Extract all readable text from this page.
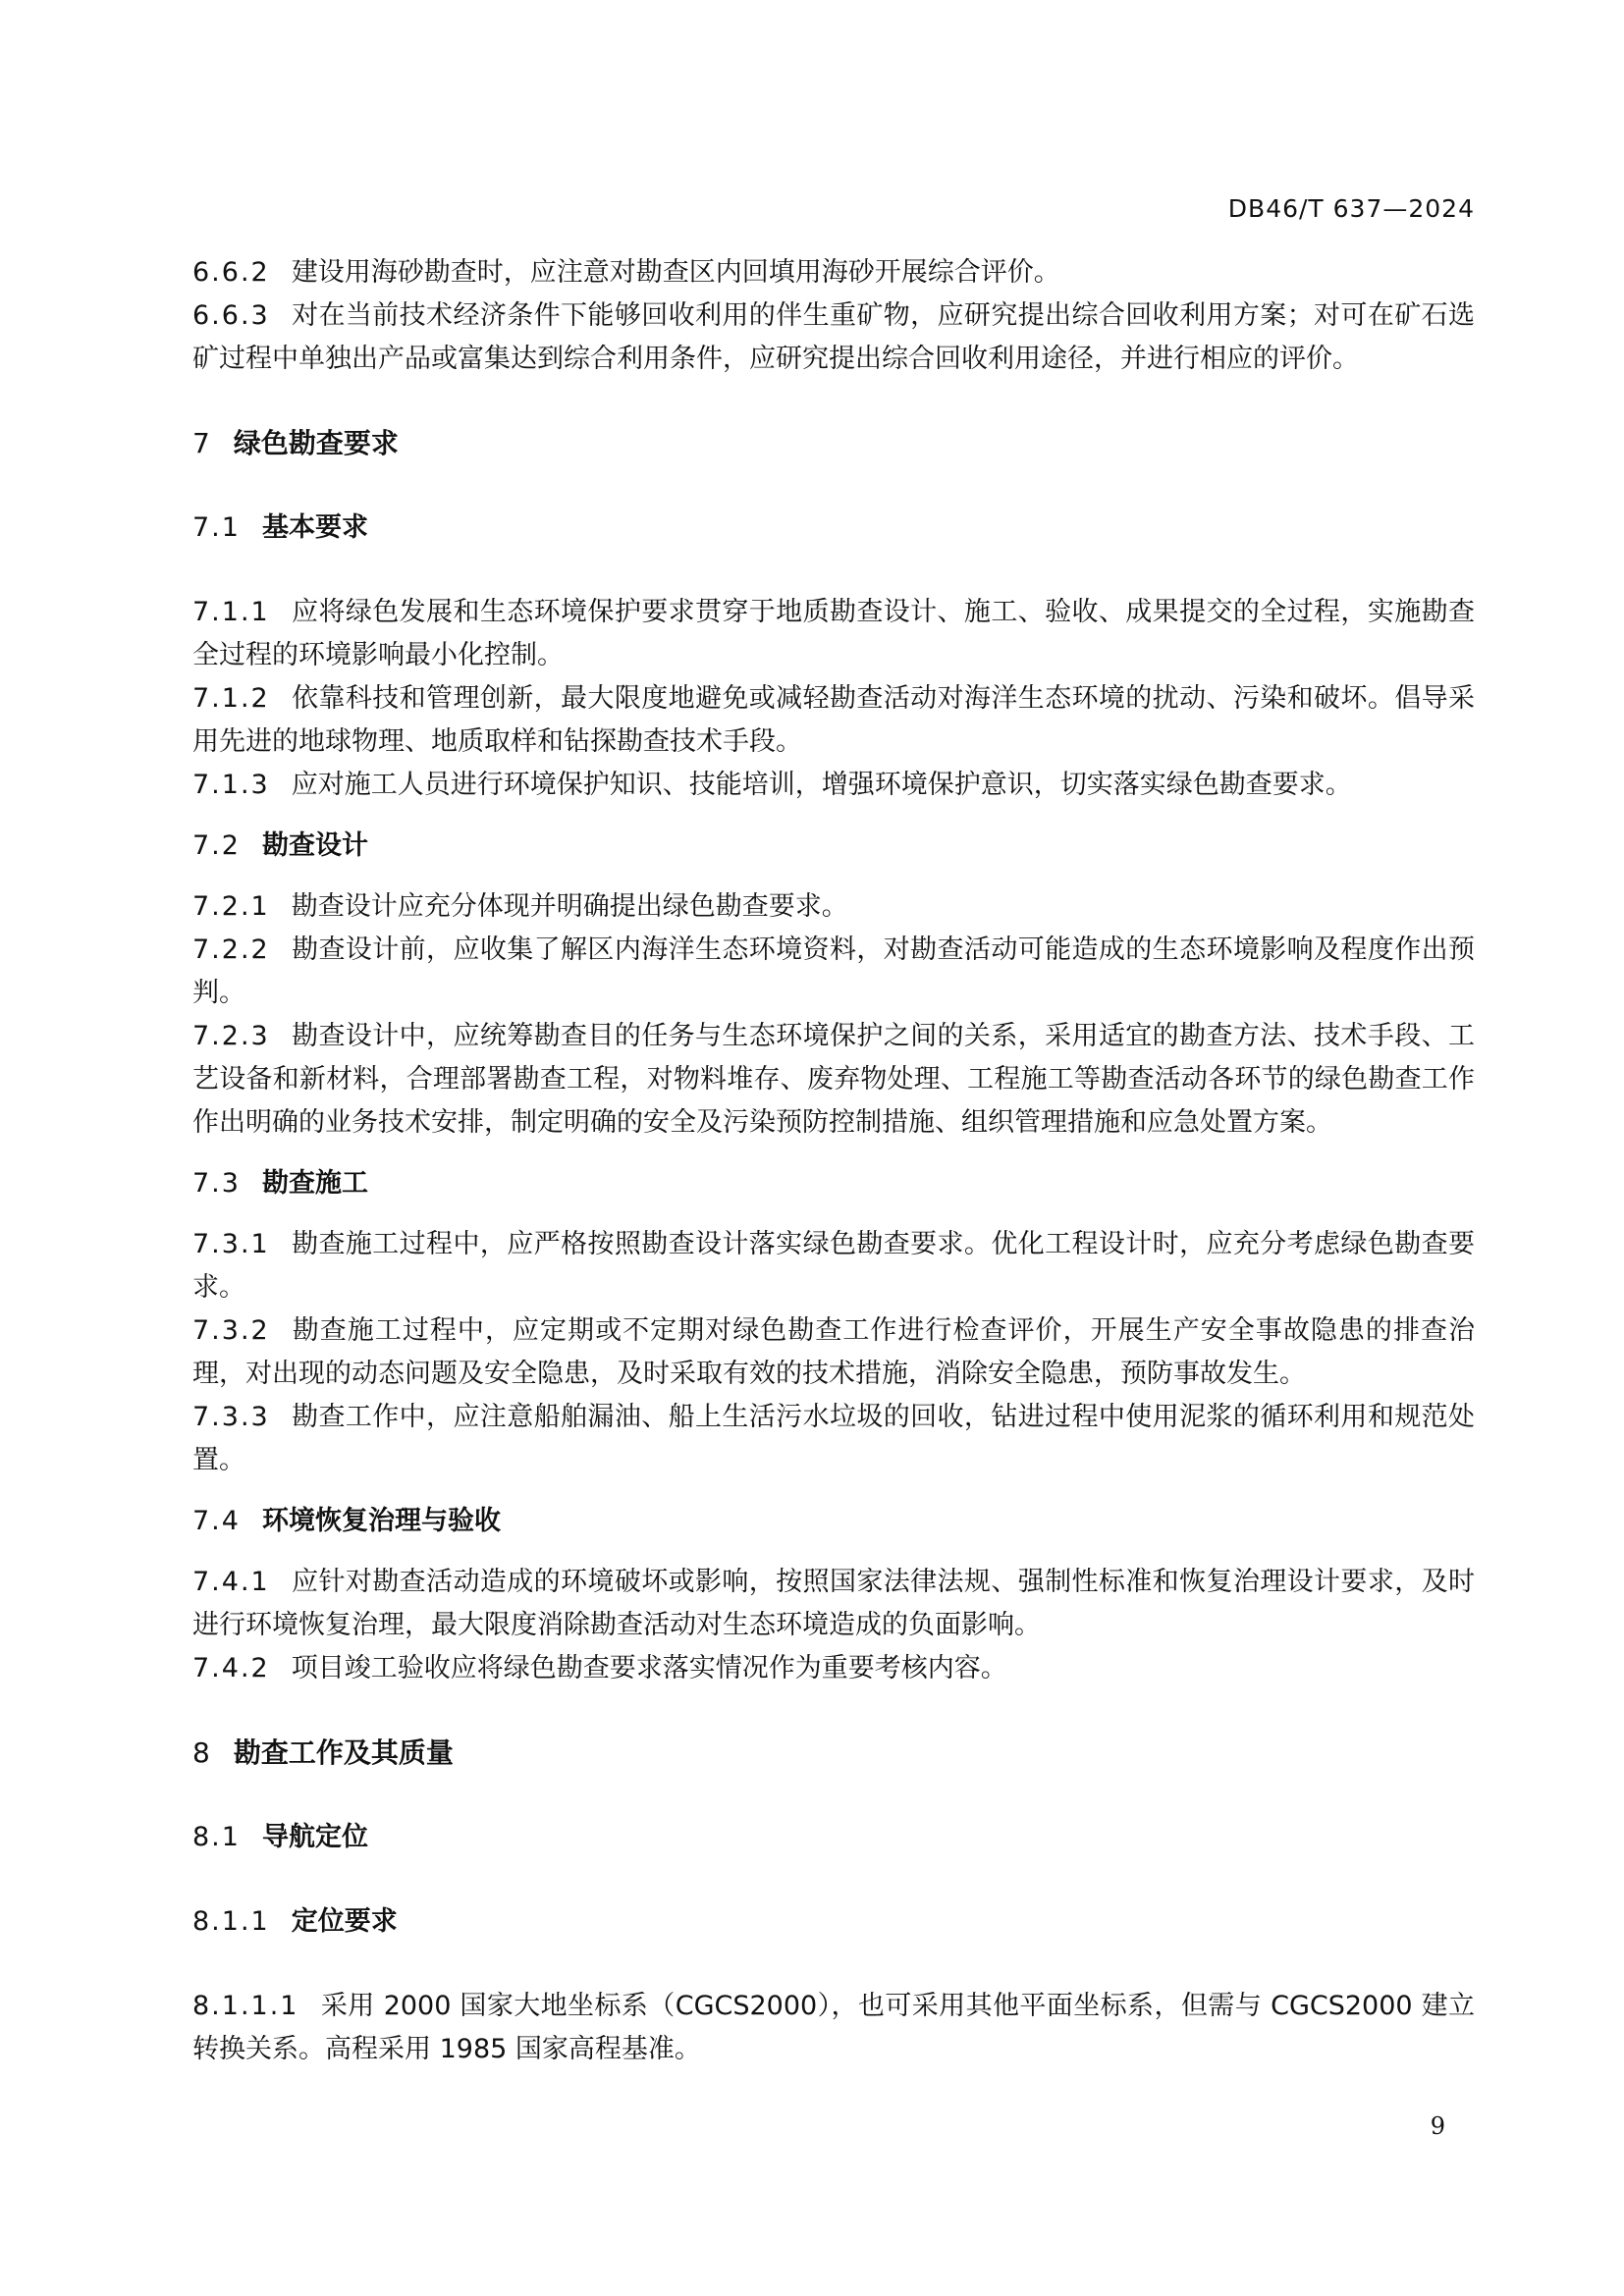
DB46/T 637—2024

6.6.2 建设用海砂勘查时，应注意对勘查区内回填用海砂开展综合评价。

6.6.3 对在当前技术经济条件下能够回收利用的伴生重矿物，应研究提出综合回收利用方案；对可在矿石选矿过程中单独出产品或富集达到综合利用条件，应研究提出综合回收利用途径，并进行相应的评价。

7 绿色勘查要求

7.1 基本要求

7.1.1 应将绿色发展和生态环境保护要求贯穿于地质勘查设计、施工、验收、成果提交的全过程，实施勘查全过程的环境影响最小化控制。

7.1.2 依靠科技和管理创新，最大限度地避免或减轻勘查活动对海洋生态环境的扰动、污染和破坏。倡导采用先进的地球物理、地质取样和钻探勘查技术手段。

7.1.3 应对施工人员进行环境保护知识、技能培训，增强环境保护意识，切实落实绿色勘查要求。

7.2 勘查设计

7.2.1 勘查设计应充分体现并明确提出绿色勘查要求。

7.2.2 勘查设计前，应收集了解区内海洋生态环境资料，对勘查活动可能造成的生态环境影响及程度作出预判。

7.2.3 勘查设计中，应统筹勘查目的任务与生态环境保护之间的关系，采用适宜的勘查方法、技术手段、工艺设备和新材料，合理部署勘查工程，对物料堆存、废弃物处理、工程施工等勘查活动各环节的绿色勘查工作作出明确的业务技术安排，制定明确的安全及污染预防控制措施、组织管理措施和应急处置方案。

7.3 勘查施工

7.3.1 勘查施工过程中，应严格按照勘查设计落实绿色勘查要求。优化工程设计时，应充分考虑绿色勘查要求。

7.3.2 勘查施工过程中，应定期或不定期对绿色勘查工作进行检查评价，开展生产安全事故隐患的排查治理，对出现的动态问题及安全隐患，及时采取有效的技术措施，消除安全隐患，预防事故发生。

7.3.3 勘查工作中，应注意船舶漏油、船上生活污水垃圾的回收，钻进过程中使用泥浆的循环利用和规范处置。

7.4 环境恢复治理与验收

7.4.1 应针对勘查活动造成的环境破坏或影响，按照国家法律法规、强制性标准和恢复治理设计要求，及时进行环境恢复治理，最大限度消除勘查活动对生态环境造成的负面影响。

7.4.2 项目竣工验收应将绿色勘查要求落实情况作为重要考核内容。

8 勘查工作及其质量

8.1 导航定位

8.1.1 定位要求

8.1.1.1 采用 2000 国家大地坐标系（CGCS2000），也可采用其他平面坐标系，但需与 CGCS2000 建立转换关系。高程采用 1985 国家高程基准。

9
